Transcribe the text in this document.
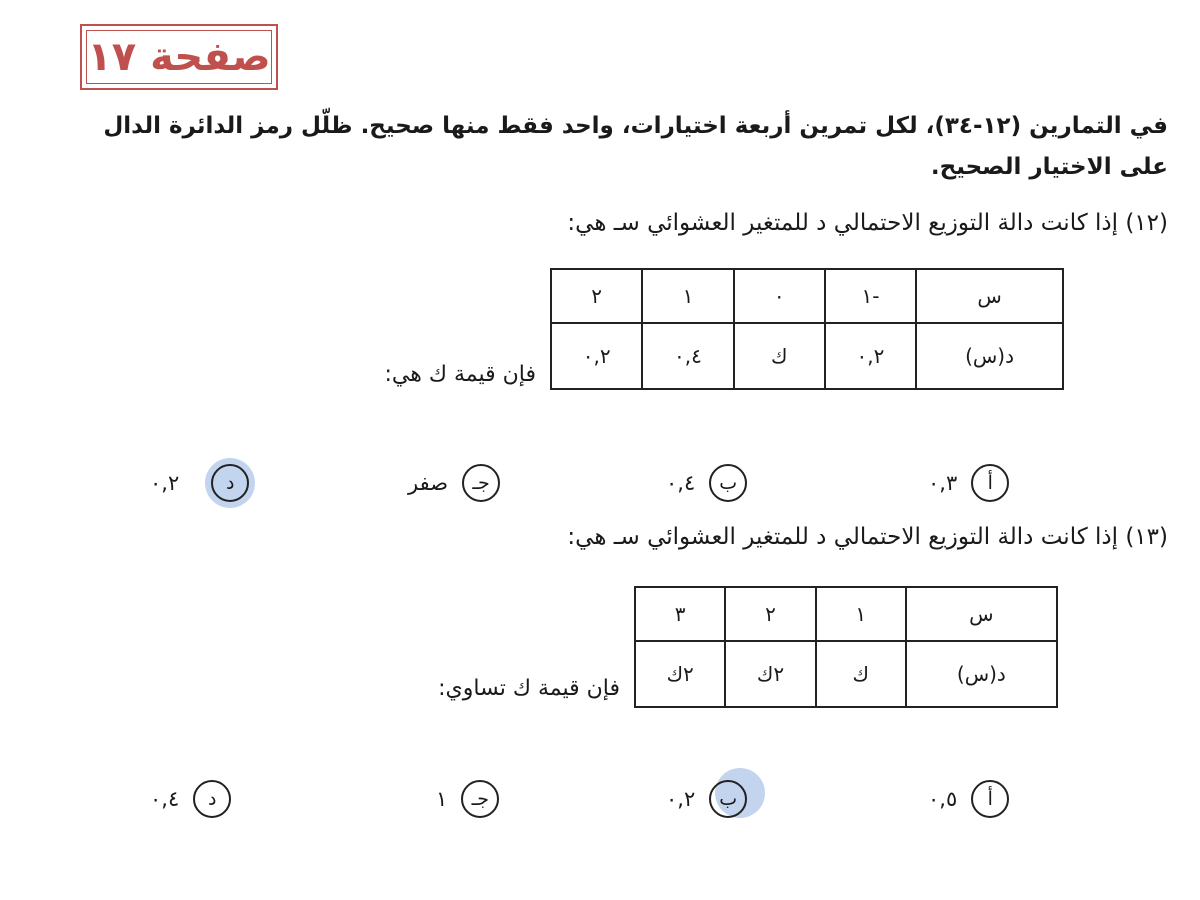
صفحة ١٧
في التمارين (١٢-٣٤)، لكل تمرين أربعة اختيارات، واحد فقط منها صحيح. ظلّل رمز الدائرة الدال على الاختيار الصحيح.
(١٢) إذا كانت دالة التوزيع الاحتمالي د للمتغير العشوائي سـ هي:
س	-١	٠	١	٢
د(س)	٠,٢	ك	٠,٤	٠,٢
فإن قيمة ك هي:
أ
٠,٣
ب
٠,٤
جـ
صفر
د
٠,٢
(١٣) إذا كانت دالة التوزيع الاحتمالي د للمتغير العشوائي سـ هي:
س	١	٢	٣
د(س)	ك	٢ك	٢ك
فإن قيمة ك تساوي:
أ
٠,٥
ب
٠,٢
جـ
١
د
٠,٤
